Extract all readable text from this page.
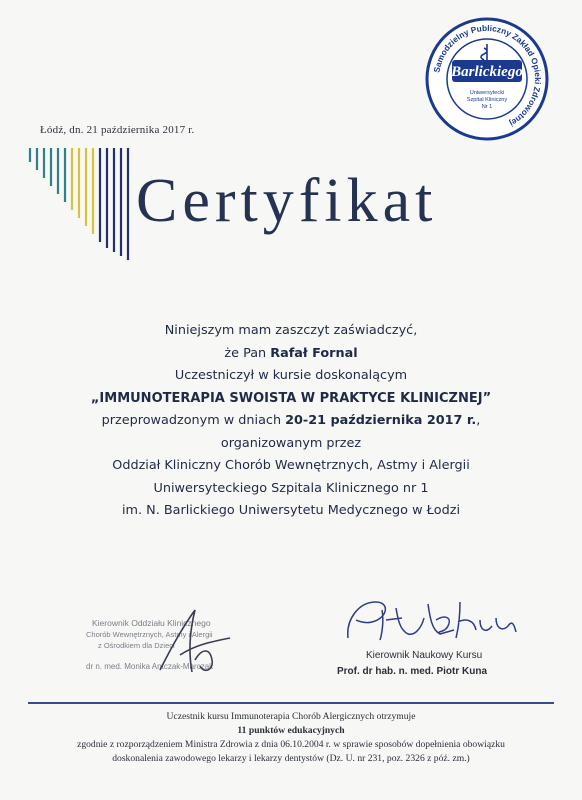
Samodzielny Publiczny Zakład Opieki Zdrowotnej
Barlickiego
Uniwersytecki
Szpital Kliniczny
Nr 1
Łódź, dn. 21 października 2017 r.
Certyfikat
Niniejszym mam zaszczyt zaświadczyć,
że Pan Rafał Fornal
Uczestniczył w kursie doskonalącym
„IMMUNOTERAPIA SWOISTA W PRAKTYCE KLINICZNEJ”
przeprowadzonym w dniach 20-21 października 2017 r.,
organizowanym przez
Oddział Kliniczny Chorób Wewnętrznych, Astmy i Alergii
Uniwersyteckiego Szpitala Klinicznego nr 1
im. N. Barlickiego Uniwersytetu Medycznego w Łodzi
Kierownik Oddziału Klinicznego
Chorób Wewnętrznych, Astmy i Alergii
z Ośrodkiem dla Dzieci
dr n. med. Monika Antczak-Marczak
Kierownik Naukowy Kursu
Prof. dr hab. n. med. Piotr Kuna
Uczestnik kursu Immunoterapia Chorób Alergicznych otrzymuje
11 punktów edukacyjnych
zgodnie z rozporządzeniem Ministra Zdrowia z dnia 06.10.2004 r. w sprawie sposobów dopełnienia obowiązku
doskonalenia zawodowego lekarzy i lekarzy dentystów (Dz. U. nr 231, poz. 2326 z póź. zm.)
